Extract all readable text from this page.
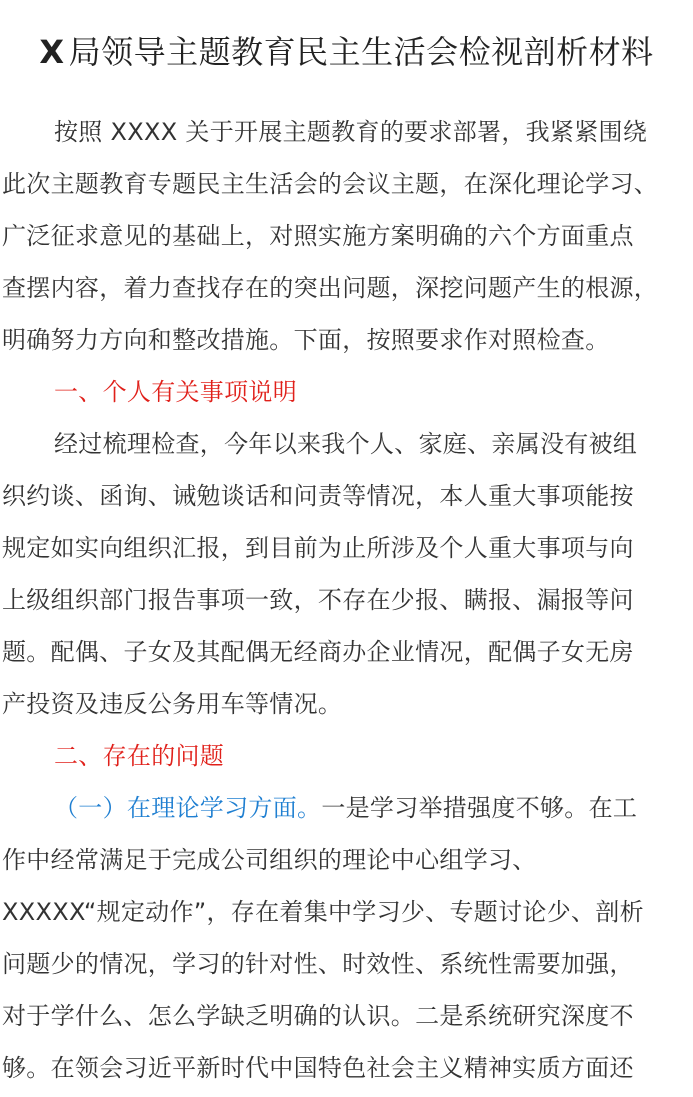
X 局领导主题教育民主生活会检视剖析材料
按照 XXXX 关于开展主题教育的要求部署，我紧紧围绕
此次主题教育专题民主生活会的会议主题，在深化理论学习、
广泛征求意见的基础上，对照实施方案明确的六个方面重点
查摆内容，着力查找存在的突出问题，深挖问题产生的根源，
明确努力方向和整改措施。下面，按照要求作对照检查。
一、个人有关事项说明
经过梳理检查，今年以来我个人、家庭、亲属没有被组
织约谈、函询、诫勉谈话和问责等情况，本人重大事项能按
规定如实向组织汇报，到目前为止所涉及个人重大事项与向
上级组织部门报告事项一致，不存在少报、瞒报、漏报等问
题。配偶、子女及其配偶无经商办企业情况，配偶子女无房
产投资及违反公务用车等情况。
二、存在的问题
（一）在理论学习方面。一是学习举措强度不够。在工
作中经常满足于完成公司组织的理论中心组学习、
XXXXX“规定动作”，存在着集中学习少、专题讨论少、剖析
问题少的情况，学习的针对性、时效性、系统性需要加强，
对于学什么、怎么学缺乏明确的认识。二是系统研究深度不
够。在领会习近平新时代中国特色社会主义精神实质方面还
